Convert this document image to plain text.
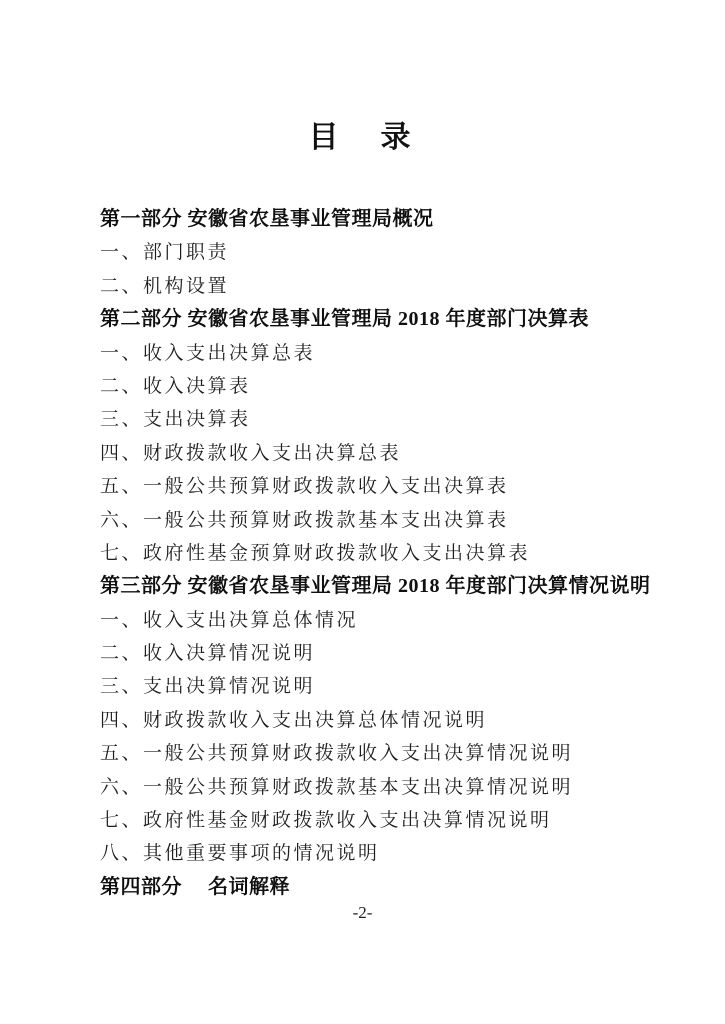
目　录
第一部分 安徽省农垦事业管理局概况
一、部门职责
二、机构设置
第二部分 安徽省农垦事业管理局 2018 年度部门决算表
一、收入支出决算总表
二、收入决算表
三、支出决算表
四、财政拨款收入支出决算总表
五、一般公共预算财政拨款收入支出决算表
六、一般公共预算财政拨款基本支出决算表
七、政府性基金预算财政拨款收入支出决算表
第三部分 安徽省农垦事业管理局 2018 年度部门决算情况说明
一、收入支出决算总体情况
二、收入决算情况说明
三、支出决算情况说明
四、财政拨款收入支出决算总体情况说明
五、一般公共预算财政拨款收入支出决算情况说明
六、一般公共预算财政拨款基本支出决算情况说明
七、政府性基金财政拨款收入支出决算情况说明
八、其他重要事项的情况说明
第四部分　 名词解释
-2-
